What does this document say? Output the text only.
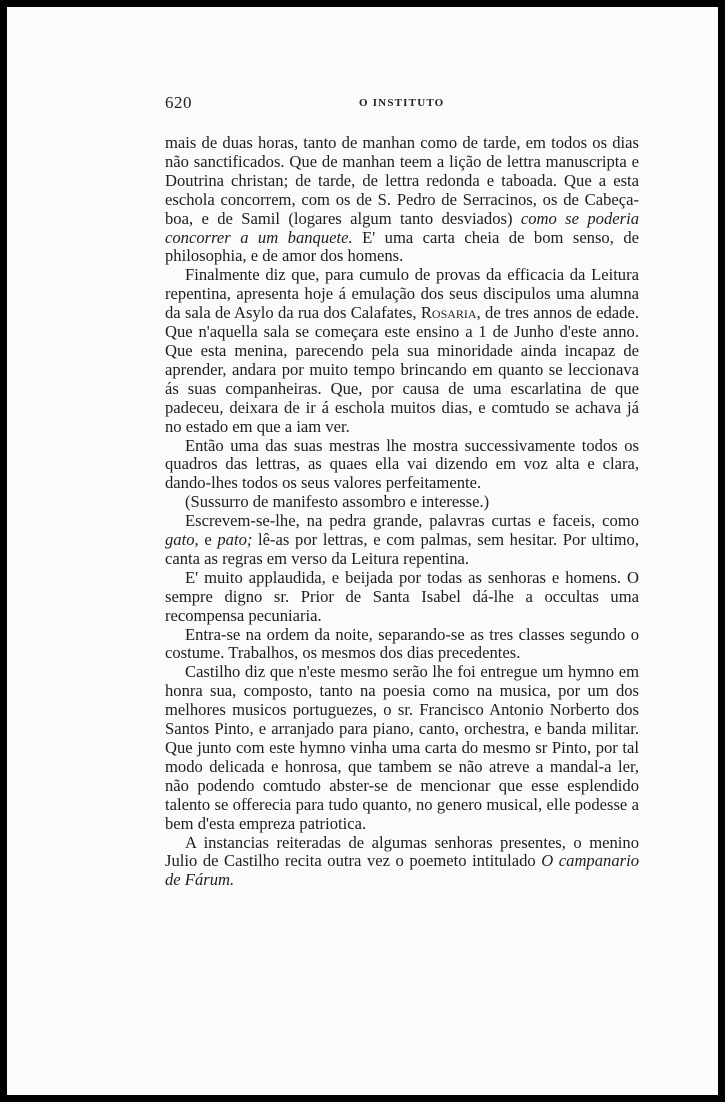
620	O INSTITUTO

mais de duas horas, tanto de manhan como de tarde, em todos os dias não sanctificados. Que de manhan teem a lição de lettra manuscripta e Doutrina christan; de tarde, de lettra redonda e taboada. Que a esta eschola concorrem, com os de S. Pedro de Serracinos, os de Cabeça-boa, e de Samil (logares algum tanto desviados) como se poderia concorrer a um banquete. E' uma carta cheia de bom senso, de philosophia, e de amor dos homens.

Finalmente diz que, para cumulo de provas da efficacia da Leitura repentina, apresenta hoje á emulação dos seus discipulos uma alumna da sala de Asylo da rua dos Calafates, Rosaria, de tres annos de edade. Que n'aquella sala se começara este ensino a 1 de Junho d'este anno. Que esta menina, parecendo pela sua minoridade ainda incapaz de aprender, andara por muito tempo brincando em quanto se leccionava ás suas companheiras. Que, por causa de uma escarlatina de que padeceu, deixara de ir á eschola muitos dias, e comtudo se achava já no estado em que a iam ver.

Então uma das suas mestras lhe mostra successivamente todos os quadros das lettras, as quaes ella vai dizendo em voz alta e clara, dando-lhes todos os seus valores perfeitamente.

(Sussurro de manifesto assombro e interesse.)

Escrevem-se-lhe, na pedra grande, palavras curtas e faceis, como gato, e pato; lê-as por lettras, e com palmas, sem hesitar. Por ultimo, canta as regras em verso da Leitura repentina.

E' muito applaudida, e beijada por todas as senhoras e homens. O sempre digno sr. Prior de Santa Isabel dá-lhe a occultas uma recompensa pecuniaria.

Entra-se na ordem da noite, separando-se as tres classes segundo o costume. Trabalhos, os mesmos dos dias precedentes.

Castilho diz que n'este mesmo serão lhe foi entregue um hymno em honra sua, composto, tanto na poesia como na musica, por um dos melhores musicos portuguezes, o sr. Francisco Antonio Norberto dos Santos Pinto, e arranjado para piano, canto, orchestra, e banda militar. Que junto com este hymno vinha uma carta do mesmo sr Pinto, por tal modo delicada e honrosa, que tambem se não atreve a mandal-a ler, não podendo comtudo abster-se de mencionar que esse esplendido talento se offerecia para tudo quanto, no genero musical, elle podesse a bem d'esta empreza patriotica.

A instancias reiteradas de algumas senhoras presentes, o menino Julio de Castilho recita outra vez o poemeto intitulado O campanario de Fárum.
